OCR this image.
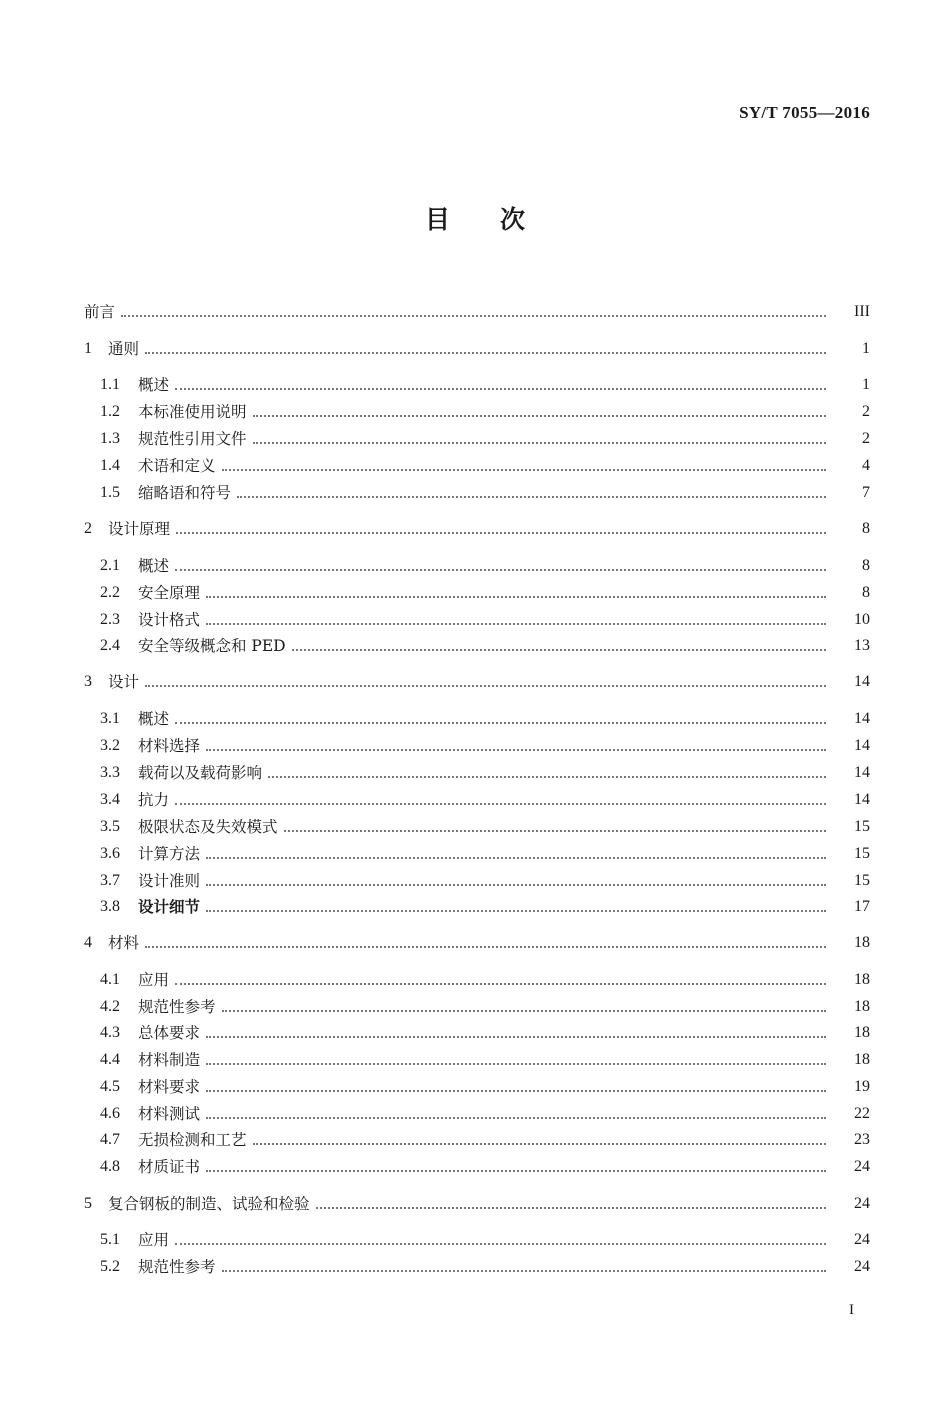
SY/T 7055—2016
目 次
前言	III
1	通则	1
1.1	概述	1
1.2	本标准使用说明	2
1.3	规范性引用文件	2
1.4	术语和定义	4
1.5	缩略语和符号	7
2	设计原理	8
2.1	概述	8
2.2	安全原理	8
2.3	设计格式	10
2.4	安全等级概念和 PED	13
3	设计	14
3.1	概述	14
3.2	材料选择	14
3.3	载荷以及载荷影响	14
3.4	抗力	14
3.5	极限状态及失效模式	15
3.6	计算方法	15
3.7	设计准则	15
3.8	设计细节	17
4	材料	18
4.1	应用	18
4.2	规范性参考	18
4.3	总体要求	18
4.4	材料制造	18
4.5	材料要求	19
4.6	材料测试	22
4.7	无损检测和工艺	23
4.8	材质证书	24
5	复合钢板的制造、试验和检验	24
5.1	应用	24
5.2	规范性参考	24
I
